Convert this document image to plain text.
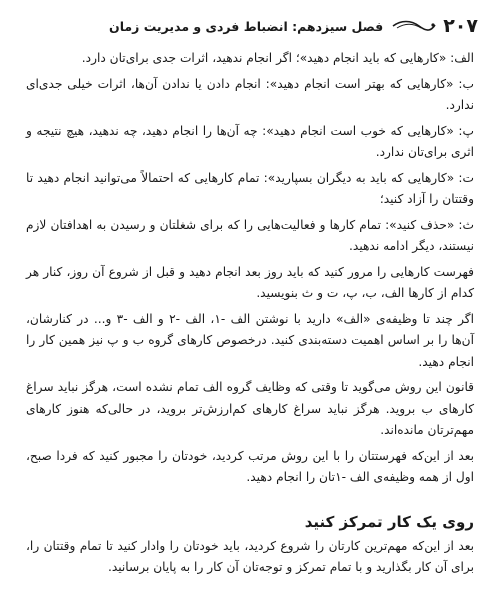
۲۰۷
فصل سیزدهم: انضباط فردی و مدیریت زمان

الف: «کارهایی که باید انجام دهید»؛ اگر انجام ندهید، اثرات جدی برای‌تان دارد.

ب: «کارهایی که بهتر است انجام دهید»: انجام دادن یا ندادن آن‌ها، اثرات خیلی جدی‌ای ندارد.

پ: «کارهایی که خوب است انجام دهید»: چه آن‌ها را انجام دهید، چه ندهید، هیچ نتیجه و اثری برای‌تان ندارد.

ت: «کارهایی که باید به دیگران بسپارید»: تمام کارهایی که احتمالاً می‌توانید انجام دهید تا وقتتان را آزاد کنید؛

ث: «حذف کنید»: تمام کارها و فعالیت‌هایی را که برای شغلتان و رسیدن به اهدافتان لازم نیستند، دیگر ادامه ندهید.

فهرست کارهایی را مرور کنید که باید روز بعد انجام دهید و قبل از شروع آن روز، کنار هر کدام از کارها الف، ب، پ، ت و ث بنویسید.

اگر چند تا وظیفه‌ی «الف» دارید با نوشتن الف -۱، الف -۲ و الف -۳ و... در کنارشان، آن‌ها را بر اساس اهمیت دسته‌بندی کنید. درخصوص کارهای گروه ب و پ نیز همین کار را انجام دهید.

قانون این روش می‌گوید تا وقتی که وظایف گروه الف تمام نشده است، هرگز نباید سراغ کارهای ب بروید. هرگز نباید سراغ کارهای کم‌ارزش‌تر بروید، در حالی‌که هنوز کارهای مهم‌ترتان مانده‌اند.

بعد از این‌که فهرستتان را با این روش مرتب کردید، خودتان را مجبور کنید که فردا صبح، اول از همه وظیفه‌ی الف -۱تان را انجام دهید.

روی یک کار تمرکز کنید

بعد از این‌که مهم‌ترین کارتان را شروع کردید، باید خودتان را وادار کنید تا تمام وقتتان را، برای آن کار بگذارید و با تمام تمرکز و توجه‌تان آن کار را به پایان برسانید.
